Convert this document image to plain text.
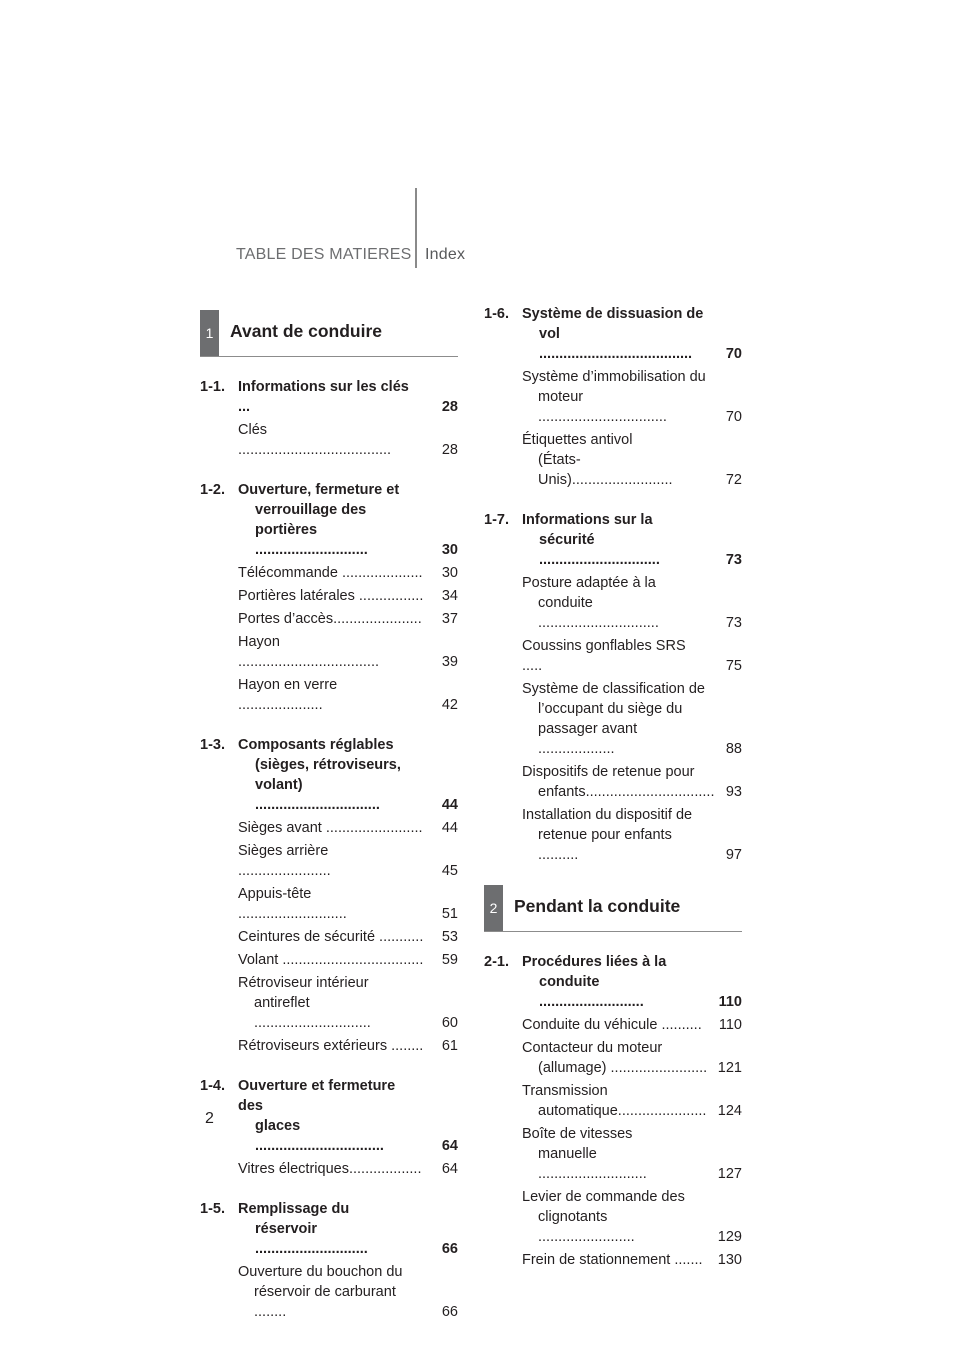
TABLE DES MATIERES Index
1 Avant de conduire
1-1. Informations sur les clés ...	28
Clés ......................................	28
1-2. Ouverture, fermeture et
verrouillage des
portières ............................	30
Télécommande .................... 30
Portières latérales ................ 34
Portes d’accès...................... 37
Hayon ...................................	39
Hayon en verre .....................	42
1-3. Composants réglables
(sièges, rétroviseurs,
volant) ...............................	44
Sièges avant ........................ 44
Sièges arrière .......................	45
Appuis-tête ...........................	51
Ceintures de sécurité ........... 53
Volant ................................... 59
Rétroviseur intérieur
antireflet .............................	60
Rétroviseurs extérieurs ........ 61
1-4. Ouverture et fermeture des
glaces ................................	64
Vitres électriques.................. 64
1-5. Remplissage du
réservoir ............................	66
Ouverture du bouchon du
réservoir de carburant ........	66
1-6. Système de dissuasion de
vol ......................................	70
Système d’immobilisation du
moteur ................................	70
Étiquettes antivol
(États-Unis).........................	72
1-7. Informations sur la
sécurité ..............................	73
Posture adaptée à la
conduite ..............................	73
Coussins gonflables SRS .....	75
Système de classification de
l’occupant du siège du
passager avant ...................	88
Dispositifs de retenue pour
enfants................................ 93
Installation du dispositif de
retenue pour enfants ..........	97
2 Pendant la conduite
2-1. Procédures liées à la
conduite ..........................	110
Conduite du véhicule ..........	110
Contacteur du moteur
(allumage) ........................ 121
Transmission
automatique...................... 124
Boîte de vitesses
manuelle ...........................	127
Levier de commande des
clignotants ........................	129
Frein de stationnement .......	130
2
